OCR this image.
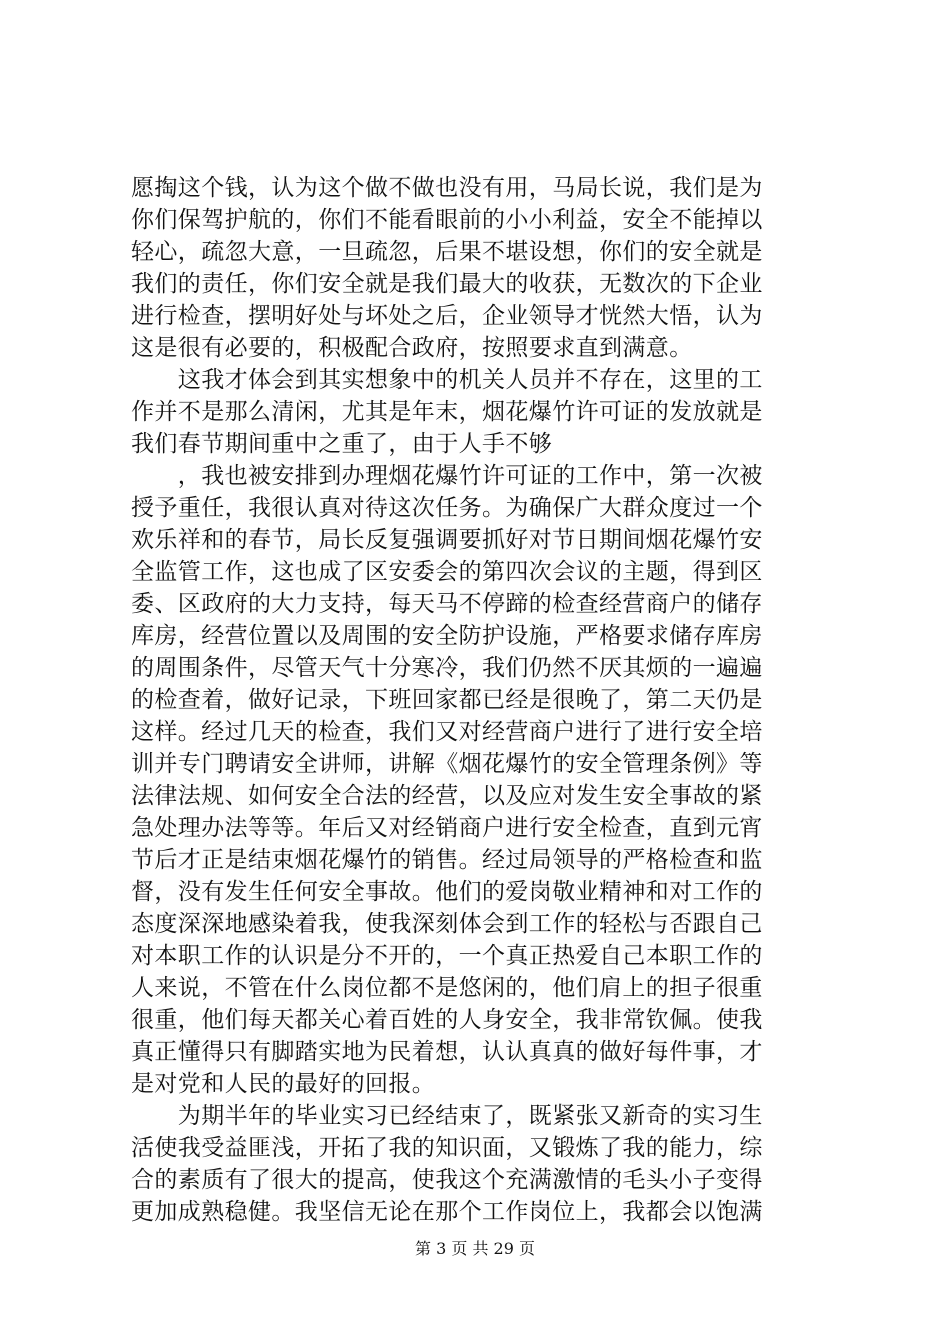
愿掏这个钱，认为这个做不做也没有用，马局长说，我们是为
你们保驾护航的，你们不能看眼前的小小利益，安全不能掉以
轻心，疏忽大意，一旦疏忽，后果不堪设想，你们的安全就是
我们的责任，你们安全就是我们最大的收获，无数次的下企业
进行检查，摆明好处与坏处之后，企业领导才恍然大悟，认为
这是很有必要的，积极配合政府，按照要求直到满意。
　　这我才体会到其实想象中的机关人员并不存在，这里的工
作并不是那么清闲，尤其是年末，烟花爆竹许可证的发放就是
我们春节期间重中之重了，由于人手不够
　　，我也被安排到办理烟花爆竹许可证的工作中，第一次被
授予重任，我很认真对待这次任务。为确保广大群众度过一个
欢乐祥和的春节，局长反复强调要抓好对节日期间烟花爆竹安
全监管工作，这也成了区安委会的第四次会议的主题，得到区
委、区政府的大力支持，每天马不停蹄的检查经营商户的储存
库房，经营位置以及周围的安全防护设施，严格要求储存库房
的周围条件，尽管天气十分寒冷，我们仍然不厌其烦的一遍遍
的检查着，做好记录，下班回家都已经是很晚了，第二天仍是
这样。经过几天的检查，我们又对经营商户进行了进行安全培
训并专门聘请安全讲师，讲解《烟花爆竹的安全管理条例》等
法律法规、如何安全合法的经营，以及应对发生安全事故的紧
急处理办法等等。年后又对经销商户进行安全检查，直到元宵
节后才正是结束烟花爆竹的销售。经过局领导的严格检查和监
督，没有发生任何安全事故。他们的爱岗敬业精神和对工作的
态度深深地感染着我，使我深刻体会到工作的轻松与否跟自己
对本职工作的认识是分不开的，一个真正热爱自己本职工作的
人来说，不管在什么岗位都不是悠闲的，他们肩上的担子很重
很重，他们每天都关心着百姓的人身安全，我非常钦佩。使我
真正懂得只有脚踏实地为民着想，认认真真的做好每件事，才
是对党和人民的最好的回报。
　　为期半年的毕业实习已经结束了，既紧张又新奇的实习生
活使我受益匪浅，开拓了我的知识面，又锻炼了我的能力，综
合的素质有了很大的提高，使我这个充满激情的毛头小子变得
更加成熟稳健。我坚信无论在那个工作岗位上，我都会以饱满
第 3 页 共 29 页
